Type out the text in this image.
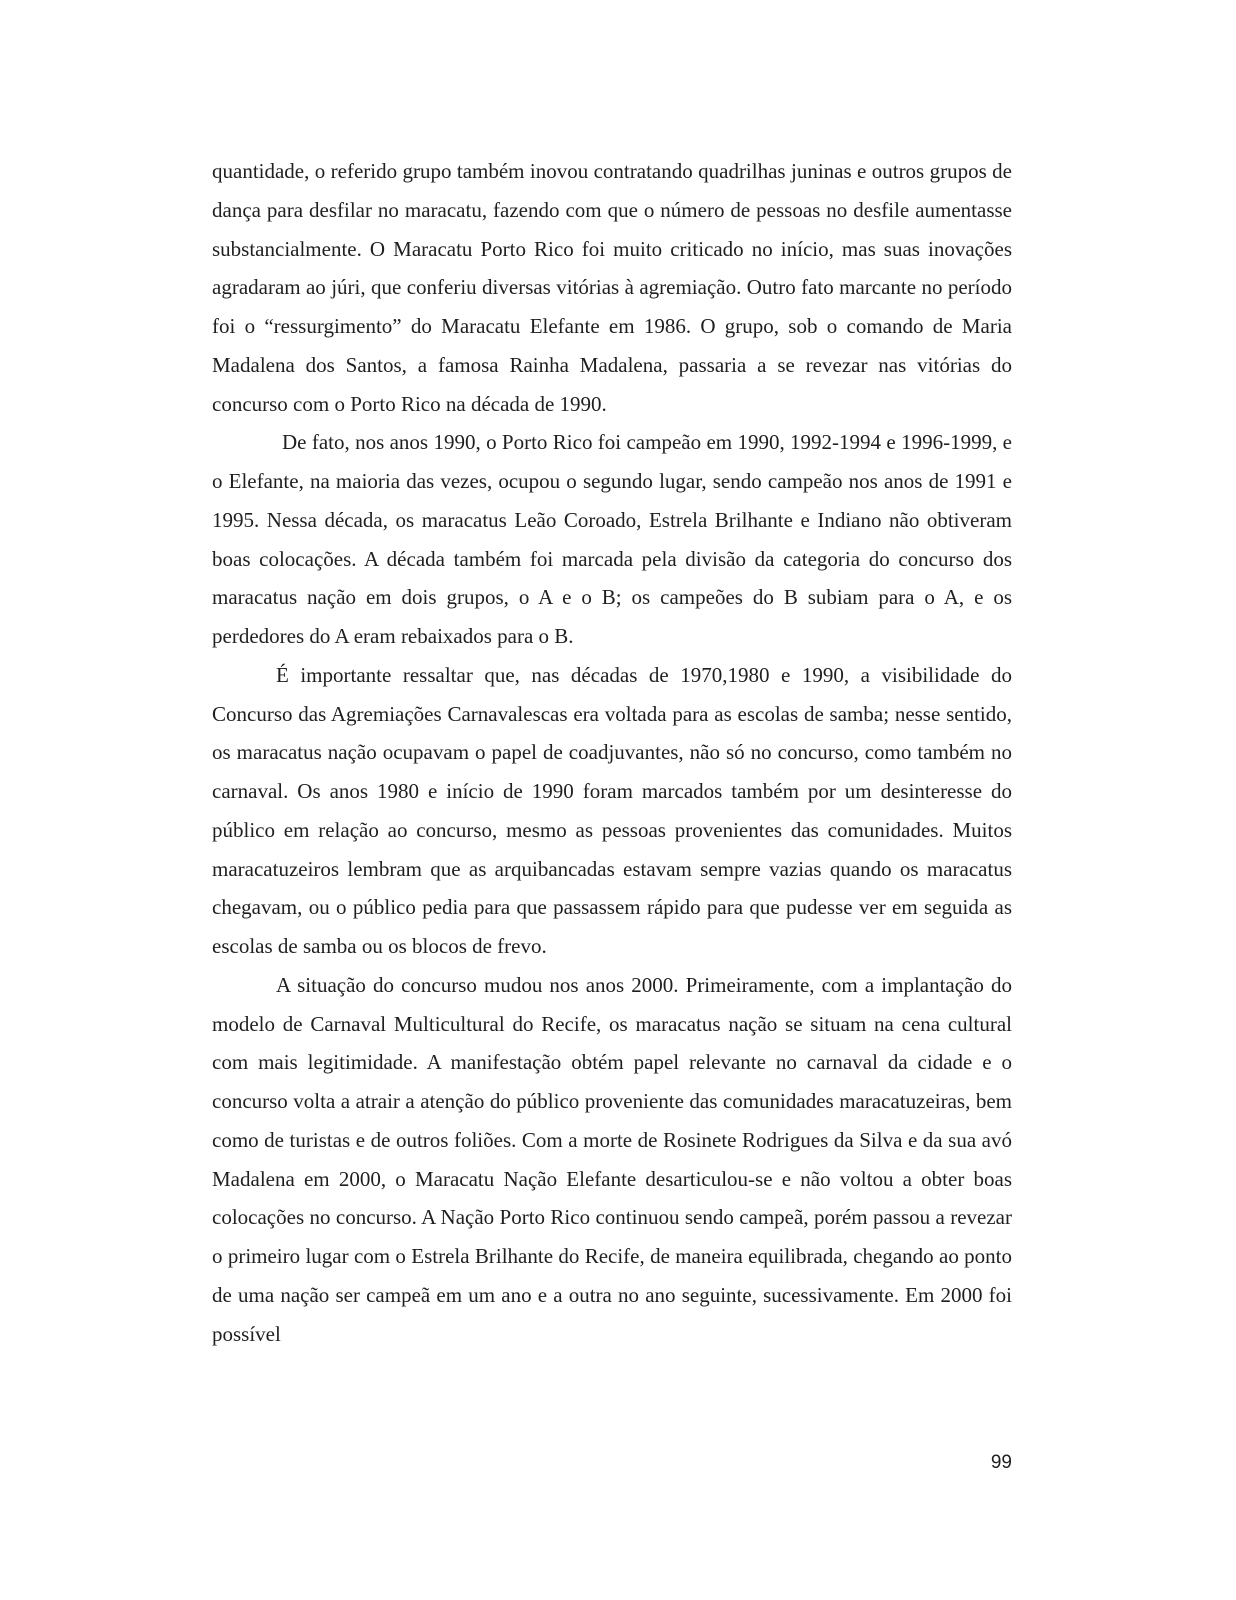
quantidade, o referido grupo também inovou contratando quadrilhas juninas e outros grupos de dança para desfilar no maracatu, fazendo com que o número de pessoas no desfile aumentasse substancialmente. O Maracatu Porto Rico foi muito criticado no início, mas suas inovações agradaram ao júri, que conferiu diversas vitórias à agremiação. Outro fato marcante no período foi o “ressurgimento” do Maracatu Elefante em 1986. O grupo, sob o comando de Maria Madalena dos Santos, a famosa Rainha Madalena, passaria a se revezar nas vitórias do concurso com o Porto Rico na década de 1990.

De fato, nos anos 1990, o Porto Rico foi campeão em 1990, 1992-1994 e 1996-1999, e o Elefante, na maioria das vezes, ocupou o segundo lugar, sendo campeão nos anos de 1991 e 1995. Nessa década, os maracatus Leão Coroado, Estrela Brilhante e Indiano não obtiveram boas colocações. A década também foi marcada pela divisão da categoria do concurso dos maracatus nação em dois grupos, o A e o B; os campeões do B subiam para o A, e os perdedores do A eram rebaixados para o B.

É importante ressaltar que, nas décadas de 1970,1980 e 1990, a visibilidade do Concurso das Agremiações Carnavalescas era voltada para as escolas de samba; nesse sentido, os maracatus nação ocupavam o papel de coadjuvantes, não só no concurso, como também no carnaval. Os anos 1980 e início de 1990 foram marcados também por um desinteresse do público em relação ao concurso, mesmo as pessoas provenientes das comunidades. Muitos maracatuzeiros lembram que as arquibancadas estavam sempre vazias quando os maracatus chegavam, ou o público pedia para que passassem rápido para que pudesse ver em seguida as escolas de samba ou os blocos de frevo.

A situação do concurso mudou nos anos 2000. Primeiramente, com a implantação do modelo de Carnaval Multicultural do Recife, os maracatus nação se situam na cena cultural com mais legitimidade. A manifestação obtém papel relevante no carnaval da cidade e o concurso volta a atrair a atenção do público proveniente das comunidades maracatuzeiras, bem como de turistas e de outros foliões. Com a morte de Rosinete Rodrigues da Silva e da sua avó Madalena em 2000, o Maracatu Nação Elefante desarticulou-se e não voltou a obter boas colocações no concurso. A Nação Porto Rico continuou sendo campeã, porém passou a revezar o primeiro lugar com o Estrela Brilhante do Recife, de maneira equilibrada, chegando ao ponto de uma nação ser campeã em um ano e a outra no ano seguinte, sucessivamente. Em 2000 foi possível

99
